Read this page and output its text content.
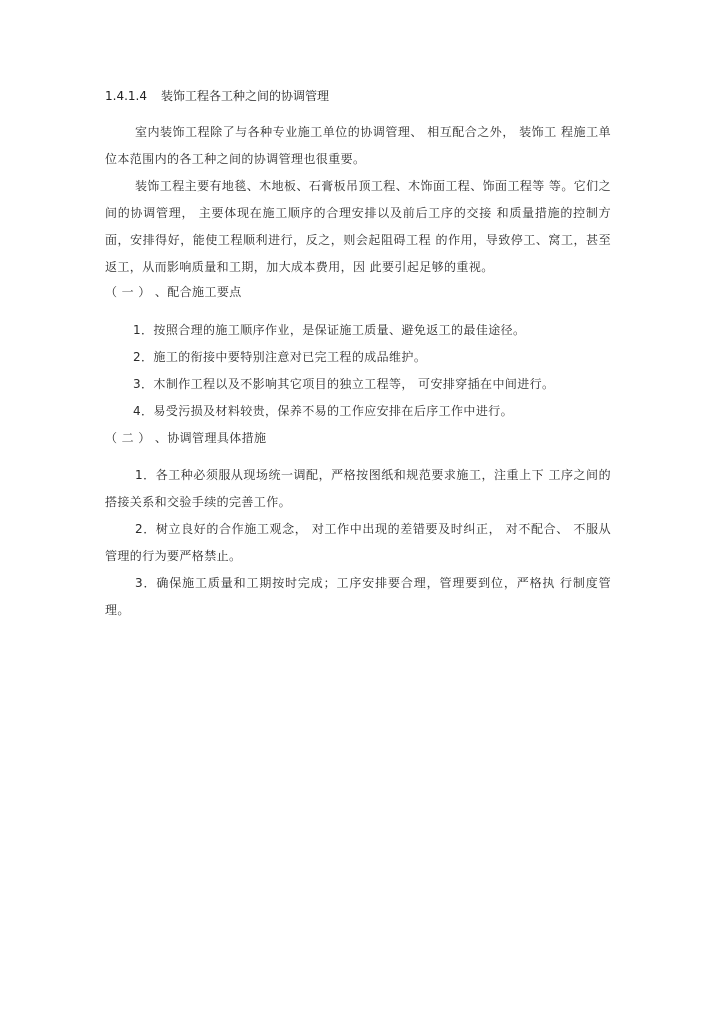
1.4.1.4 装饰工程各工种之间的协调管理
室内装饰工程除了与各种专业施工单位的协调管理、 相互配合之外， 装饰工 程施工单位本范围内的各工种之间的协调管理也很重要。
装饰工程主要有地毯、木地板、石膏板吊顶工程、木饰面工程、饰面工程等 等。它们之间的协调管理， 主要体现在施工顺序的合理安排以及前后工序的交接 和质量措施的控制方面，安排得好，能使工程顺利进行，反之，则会起阻碍工程 的作用，导致停工、窝工，甚至返工，从而影响质量和工期，加大成本费用，因 此要引起足够的重视。
（ 一 ） 、配合施工要点
1．按照合理的施工顺序作业，是保证施工质量、避免返工的最佳途径。
2．施工的衔接中要特别注意对已完工程的成品维护。
3．木制作工程以及不影响其它项目的独立工程等， 可安排穿插在中间进行。
4．易受污损及材料较贵，保养不易的工作应安排在后序工作中进行。
（ 二 ） 、协调管理具体措施
1．各工种必须服从现场统一调配，严格按图纸和规范要求施工，注重上下 工序之间的搭接关系和交验手续的完善工作。
2．树立良好的合作施工观念， 对工作中出现的差错要及时纠正， 对不配合、 不服从管理的行为要严格禁止。
3．确保施工质量和工期按时完成；工序安排要合理，管理要到位，严格执 行制度管理。
